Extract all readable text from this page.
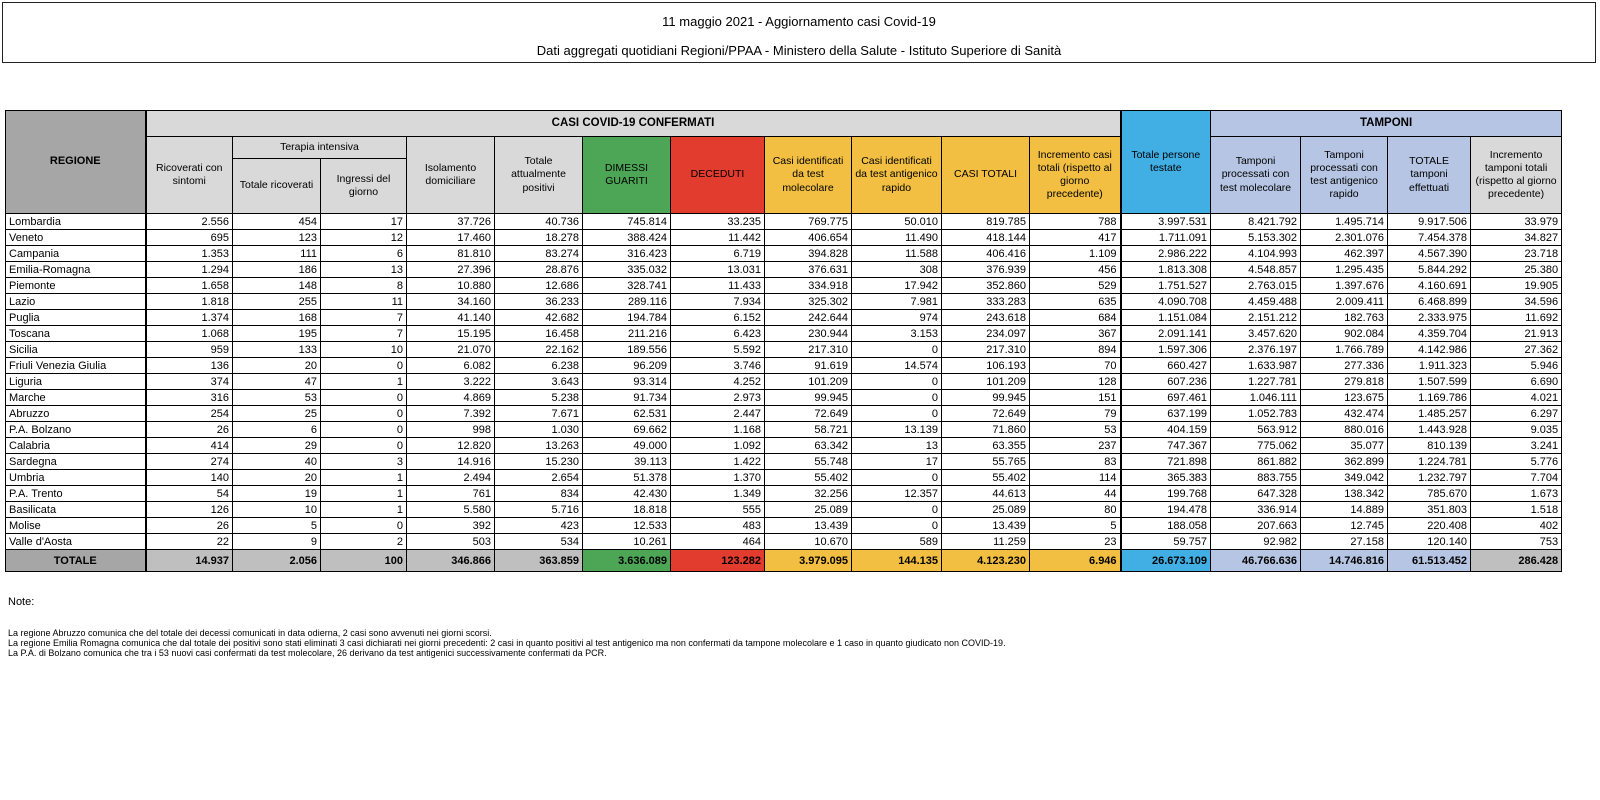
11 maggio 2021 - Aggiornamento casi Covid-19
Dati aggregati quotidiani Regioni/PPAA - Ministero della Salute - Istituto Superiore di Sanità
REGIONE	CASI COVID-19 CONFERMATI											Totale persone testate	TAMPONI			
	Ricoverati con sintomi	Terapia intensiva		Isolamento domiciliare	Totale attualmente positivi	DIMESSI GUARITI	DECEDUTI	Casi identificati da test molecolare	Casi identificati da test antigenico rapido	CASI TOTALI	Incremento casi totali (rispetto al giorno precedente)		Tamponi processati con test molecolare	Tamponi processati con test antigenico rapido	TOTALE tamponi effettuati	Incremento tamponi totali (rispetto al giorno precedente)
		Totale ricoverati	Ingressi del giorno													
Lombardia	2.556	454	17	37.726	40.736	745.814	33.235	769.775	50.010	819.785	788	3.997.531	8.421.792	1.495.714	9.917.506	33.979
Veneto	695	123	12	17.460	18.278	388.424	11.442	406.654	11.490	418.144	417	1.711.091	5.153.302	2.301.076	7.454.378	34.827
Campania	1.353	111	6	81.810	83.274	316.423	6.719	394.828	11.588	406.416	1.109	2.986.222	4.104.993	462.397	4.567.390	23.718
Emilia-Romagna	1.294	186	13	27.396	28.876	335.032	13.031	376.631	308	376.939	456	1.813.308	4.548.857	1.295.435	5.844.292	25.380
Piemonte	1.658	148	8	10.880	12.686	328.741	11.433	334.918	17.942	352.860	529	1.751.527	2.763.015	1.397.676	4.160.691	19.905
Lazio	1.818	255	11	34.160	36.233	289.116	7.934	325.302	7.981	333.283	635	4.090.708	4.459.488	2.009.411	6.468.899	34.596
Puglia	1.374	168	7	41.140	42.682	194.784	6.152	242.644	974	243.618	684	1.151.084	2.151.212	182.763	2.333.975	11.692
Toscana	1.068	195	7	15.195	16.458	211.216	6.423	230.944	3.153	234.097	367	2.091.141	3.457.620	902.084	4.359.704	21.913
Sicilia	959	133	10	21.070	22.162	189.556	5.592	217.310	0	217.310	894	1.597.306	2.376.197	1.766.789	4.142.986	27.362
Friuli Venezia Giulia	136	20	0	6.082	6.238	96.209	3.746	91.619	14.574	106.193	70	660.427	1.633.987	277.336	1.911.323	5.946
Liguria	374	47	1	3.222	3.643	93.314	4.252	101.209	0	101.209	128	607.236	1.227.781	279.818	1.507.599	6.690
Marche	316	53	0	4.869	5.238	91.734	2.973	99.945	0	99.945	151	697.461	1.046.111	123.675	1.169.786	4.021
Abruzzo	254	25	0	7.392	7.671	62.531	2.447	72.649	0	72.649	79	637.199	1.052.783	432.474	1.485.257	6.297
P.A. Bolzano	26	6	0	998	1.030	69.662	1.168	58.721	13.139	71.860	53	404.159	563.912	880.016	1.443.928	9.035
Calabria	414	29	0	12.820	13.263	49.000	1.092	63.342	13	63.355	237	747.367	775.062	35.077	810.139	3.241
Sardegna	274	40	3	14.916	15.230	39.113	1.422	55.748	17	55.765	83	721.898	861.882	362.899	1.224.781	5.776
Umbria	140	20	1	2.494	2.654	51.378	1.370	55.402	0	55.402	114	365.383	883.755	349.042	1.232.797	7.704
P.A. Trento	54	19	1	761	834	42.430	1.349	32.256	12.357	44.613	44	199.768	647.328	138.342	785.670	1.673
Basilicata	126	10	1	5.580	5.716	18.818	555	25.089	0	25.089	80	194.478	336.914	14.889	351.803	1.518
Molise	26	5	0	392	423	12.533	483	13.439	0	13.439	5	188.058	207.663	12.745	220.408	402
Valle d'Aosta	22	9	2	503	534	10.261	464	10.670	589	11.259	23	59.757	92.982	27.158	120.140	753
TOTALE	14.937	2.056	100	346.866	363.859	3.636.089	123.282	3.979.095	144.135	4.123.230	6.946	26.673.109	46.766.636	14.746.816	61.513.452	286.428
Note:
La regione Abruzzo comunica che del totale dei decessi comunicati in data odierna, 2 casi sono avvenuti nei giorni scorsi.
La regione Emilia Romagna comunica che dal totale dei positivi sono stati eliminati 3 casi dichiarati nei giorni precedenti: 2 casi in quanto positivi al test antigenico ma non confermati da tampone molecolare e 1 caso in quanto giudicato non COVID-19.
La P.A. di Bolzano comunica che tra i 53 nuovi casi confermati da test molecolare, 26 derivano da test antigenici successivamente confermati da PCR.
